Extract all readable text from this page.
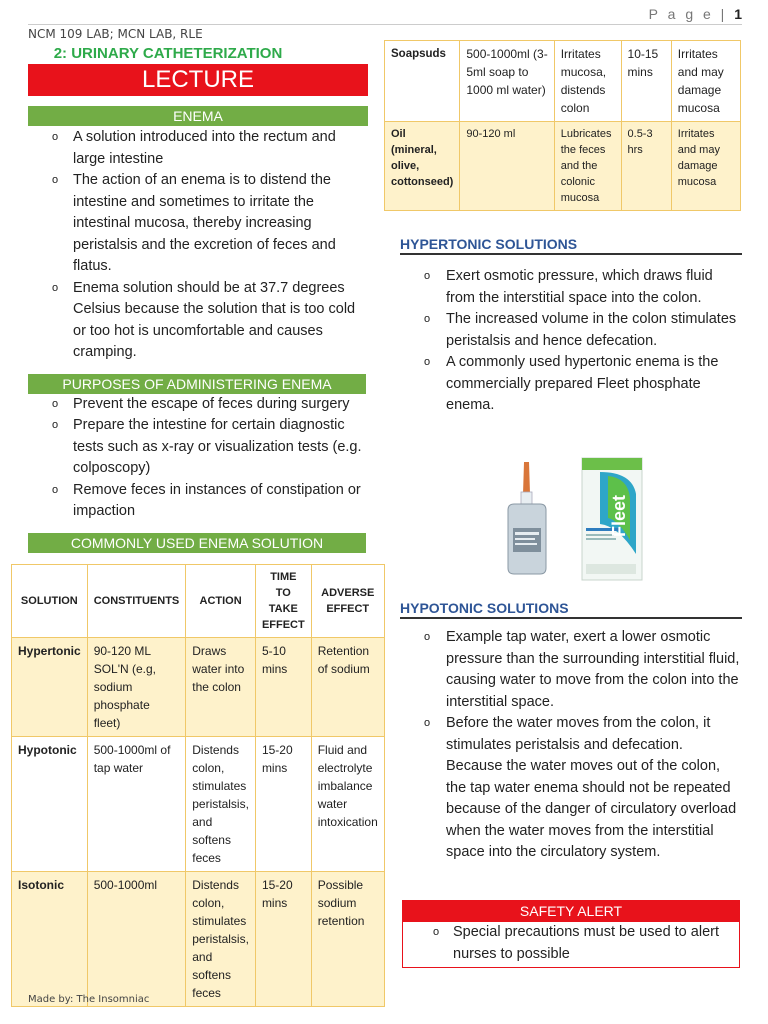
P a g e | 1
NCM 109 LAB; MCN LAB, RLE
2: URINARY CATHETERIZATION
LECTURE
ENEMA
o A solution introduced into the rectum and large intestine
o The action of an enema is to distend the intestine and sometimes to irritate the intestinal mucosa, thereby increasing peristalsis and the excretion of feces and flatus.
o Enema solution should be at 37.7 degrees Celsius because the solution that is too cold or too hot is uncomfortable and causes cramping.
PURPOSES OF ADMINISTERING ENEMA
o Prevent the escape of feces during surgery
o Prepare the intestine for certain diagnostic tests such as x-ray or visualization tests (e.g. colposcopy)
o Remove feces in instances of constipation or impaction
COMMONLY USED ENEMA SOLUTION
SOLUTION	CONSTITUENTS	ACTION	TIME TO TAKE EFFECT	ADVERSE EFFECT
Hypertonic	90-120 ML SOL'N (e.g, sodium phosphate fleet)	Draws water into the colon	5-10 mins	Retention of sodium
Hypotonic	500-1000ml of tap water	Distends colon, stimulates peristalsis, and softens feces	15-20 mins	Fluid and electrolyte imbalance water intoxication
Isotonic	500-1000ml	Distends colon, stimulates peristalsis, and softens feces	15-20 mins	Possible sodium retention
Soapsuds	500-1000ml (3-5ml soap to 1000 ml water)	Irritates mucosa, distends colon	10-15 mins	Irritates and may damage mucosa
Oil (mineral, olive, cottonseed)	90-120 ml	Lubricates the feces and the colonic mucosa	0.5-3 hrs	Irritates and may damage mucosa
HYPERTONIC SOLUTIONS
o Exert osmotic pressure, which draws fluid from the interstitial space into the colon.
o The increased volume in the colon stimulates peristalsis and hence defecation.
o A commonly used hypertonic enema is the commercially prepared Fleet phosphate enema.
Fleet
HYPOTONIC SOLUTIONS
o Example tap water, exert a lower osmotic pressure than the surrounding interstitial fluid, causing water to move from the colon into the interstitial space.
o Before the water moves from the colon, it stimulates peristalsis and defecation. Because the water moves out of the colon, the tap water enema should not be repeated because of the danger of circulatory overload when the water moves from the interstitial space into the circulatory system.
SAFETY ALERT
o Special precautions must be used to alert nurses to possible
Made by: The Insomniac
